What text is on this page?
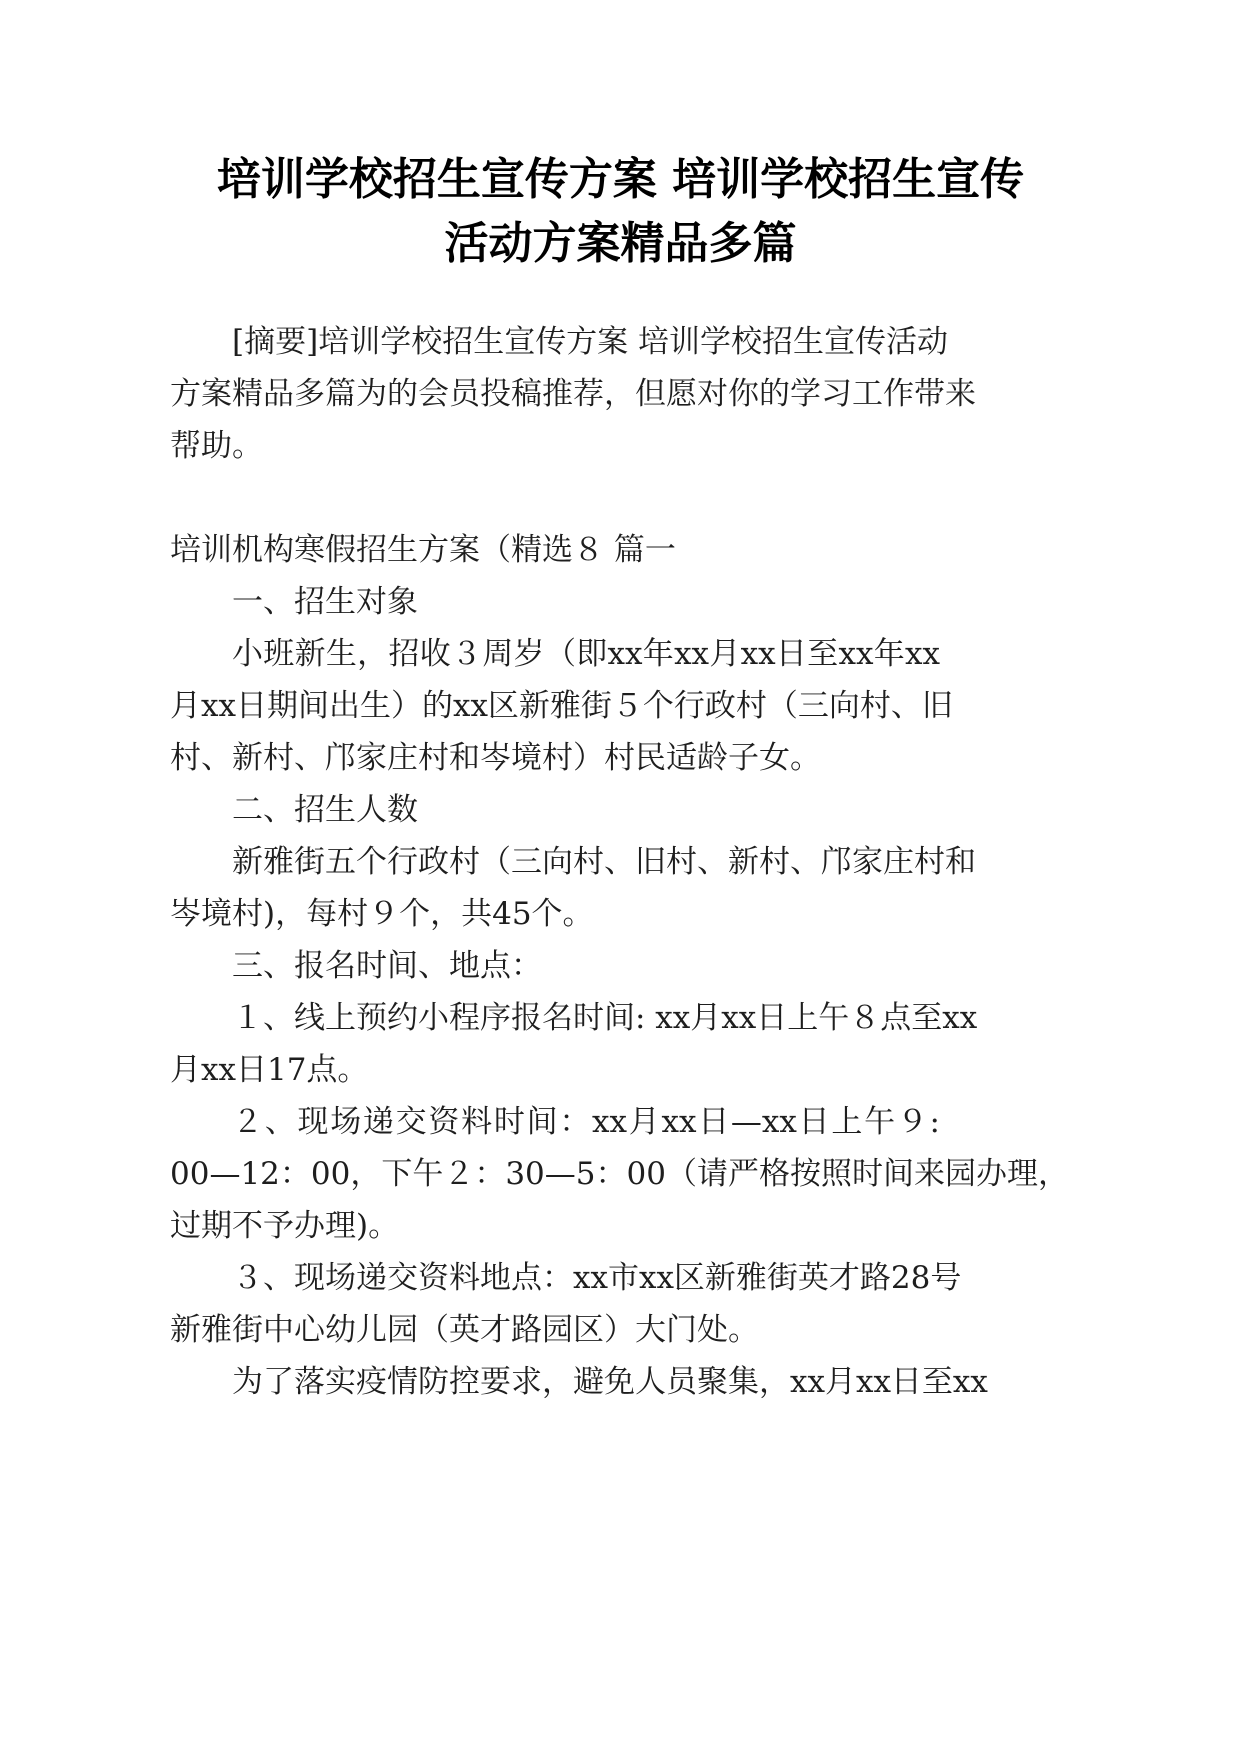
培训学校招生宣传方案 培训学校招生宣传
活动方案精品多篇
[摘要]培训学校招生宣传方案 培训学校招生宣传活动
方案精品多篇为的会员投稿推荐，但愿对你的学习工作带来
帮助。
培训机构寒假招生方案（精选８ 篇一
一、招生对象
小班新生，招收３周岁（即xx年xx月xx日至xx年xx
月xx日期间出生）的xx区新雅街５个行政村（三向村、旧
村、新村、邝家庄村和岑境村）村民适龄子女。
二、招生人数
新雅街五个行政村（三向村、旧村、新村、邝家庄村和
岑境村)，每村９个，共45个。
三、报名时间、地点：
１、线上预约小程序报名时间: xx月xx日上午８点至xx
月xx日17点。
２、现场递交资料时间：xx月xx日—xx日上午９:
00—12：00，下午２：30—5：00（请严格按照时间来园办理，
过期不予办理)。
３、现场递交资料地点：xx市xx区新雅街英才路28号
新雅街中心幼儿园（英才路园区）大门处。
为了落实疫情防控要求，避免人员聚集，xx月xx日至xx
